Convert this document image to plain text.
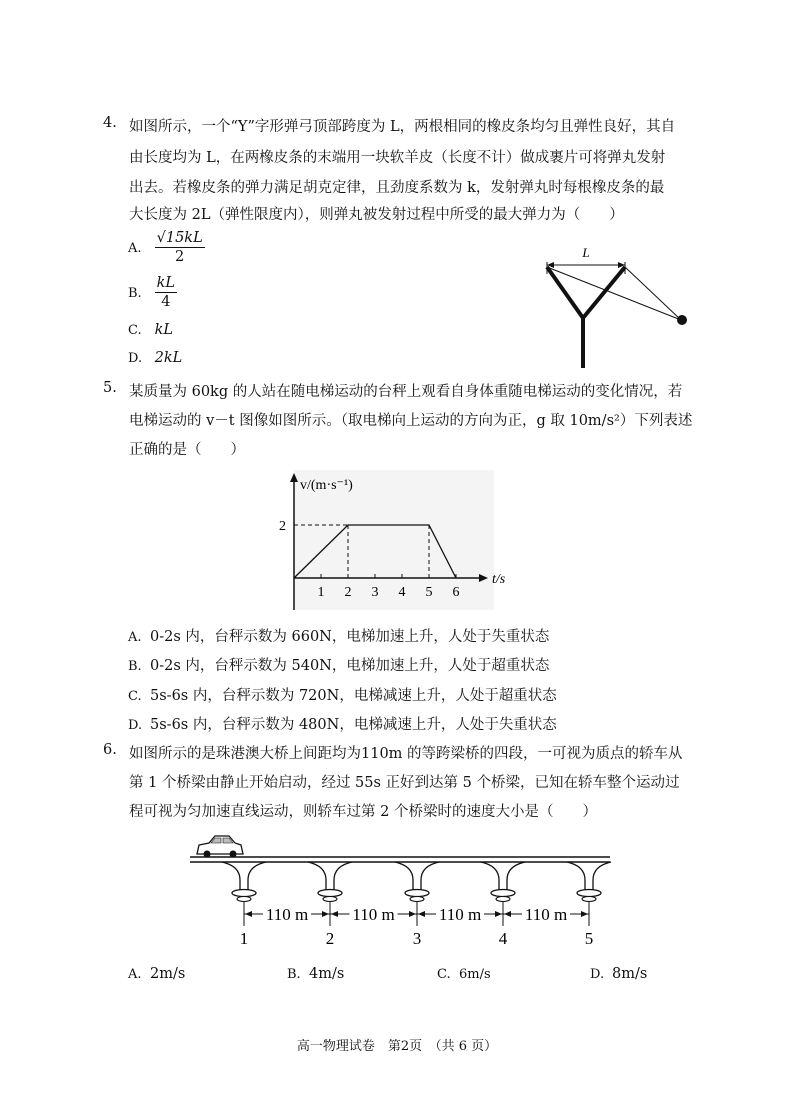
4. 如图所示，一个“Y”字形弹弓顶部跨度为 L，两根相同的橡皮条均匀且弹性良好，其自
由长度均为 L，在两橡皮条的末端用一块软羊皮（长度不计）做成裹片可将弹丸发射
出去。若橡皮条的弹力满足胡克定律，且劲度系数为 k，发射弹丸时每根橡皮条的最
大长度为 2L（弹性限度内），则弹丸被发射过程中所受的最大弹力为（　　）
A. $\frac{√15kL}{2}$
B. $\frac{kL}{4}$
C. kL
D. 2kL
L
5. 某质量为 60kg 的人站在随电梯运动的台秤上观看自身体重随电梯运动的变化情况，若
电梯运动的 v－t 图像如图所示。（取电梯向上运动的方向为正，g 取 10m/s²）下列表述
正确的是（　　）
v/(m·s⁻¹)
t/s
1 2 3 4 5 6
2
A. 0-2s 内，台秤示数为 660N，电梯加速上升，人处于失重状态
B. 0-2s 内，台秤示数为 540N，电梯加速上升，人处于超重状态
C. 5s-6s 内，台秤示数为 720N，电梯减速上升，人处于超重状态
D. 5s-6s 内，台秤示数为 480N，电梯减速上升，人处于失重状态
6. 如图所示的是珠港澳大桥上间距均为110m 的等跨梁桥的四段，一可视为质点的轿车从
第 1 个桥梁由静止开始启动，经过 55s 正好到达第 5 个桥梁，已知在轿车整个运动过
程可视为匀加速直线运动，则轿车过第 2 个桥梁时的速度大小是（　　）
1	2	3	4	5
110 m	110 m	110 m	110 m
A. 2m/s	B. 4m/s	C. 6m/s	D. 8m/s
高一物理试卷　第2页　（共 6 页）
